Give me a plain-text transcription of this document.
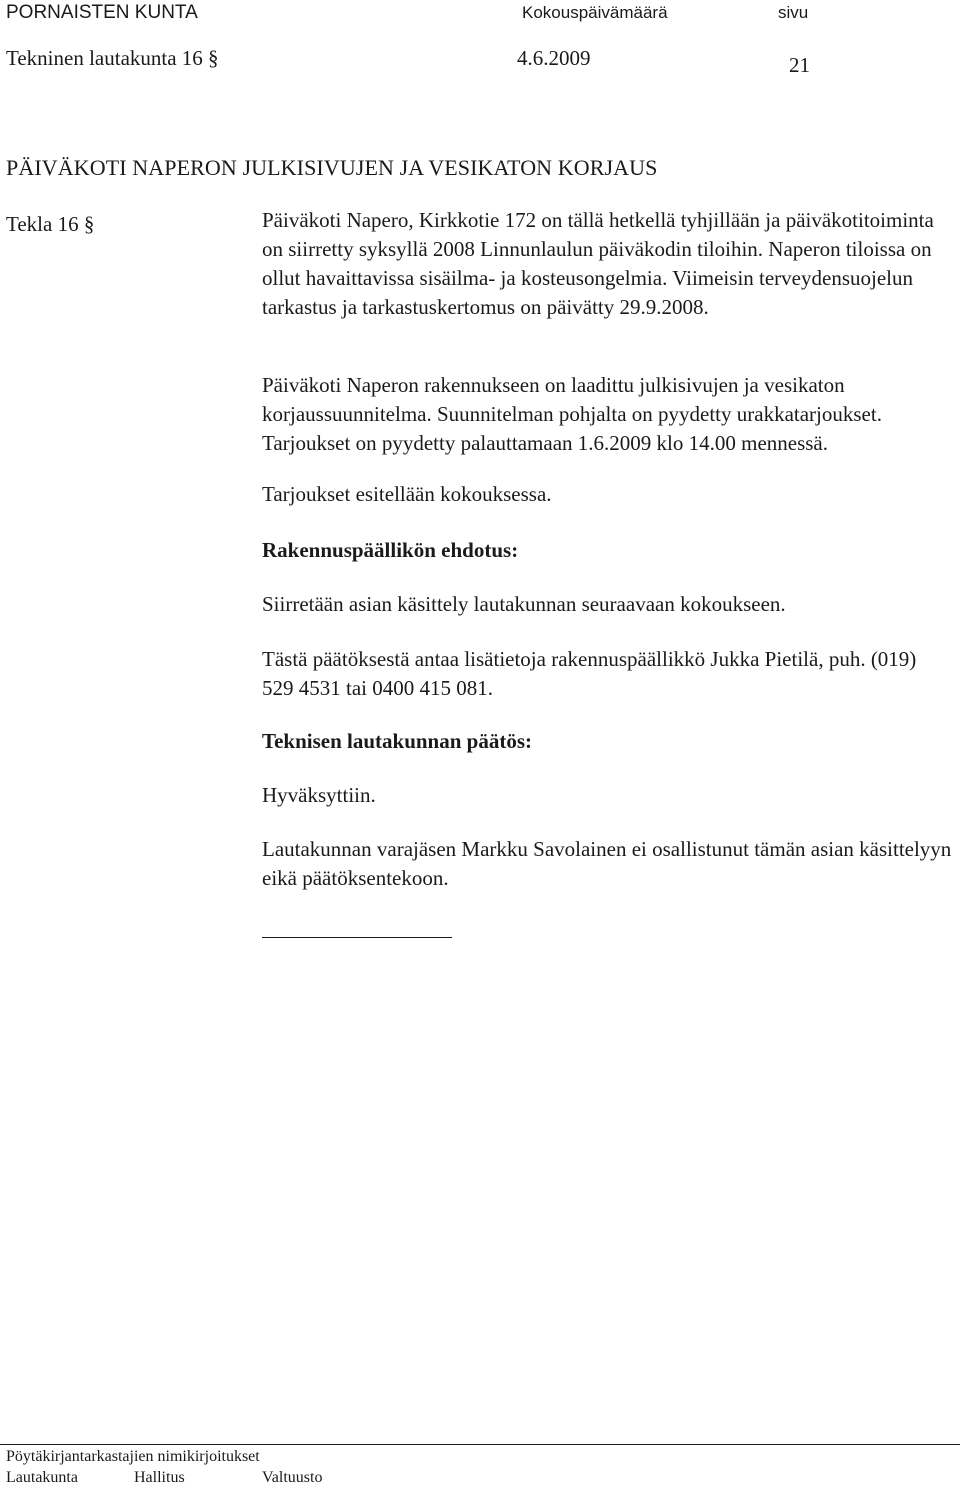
PORNAISTEN KUNTA	Kokouspäivämäärä	sivu
Tekninen lautakunta 16 §	4.6.2009	21
PÄIVÄKOTI NAPERON JULKISIVUJEN JA VESIKATON KORJAUS
Tekla 16 §	Päiväkoti Napero, Kirkkotie 172 on tällä hetkellä tyhjillään ja päiväkotitoiminta on siirretty syksyllä 2008 Linnunlaulun päiväkodin tiloihin. Naperon tiloissa on ollut havaittavissa sisäilma- ja kosteusongelmia. Viimeisin terveydensuojelun tarkastus ja tarkastuskertomus on päivätty 29.9.2008.

Päiväkoti Naperon rakennukseen on laadittu julkisivujen ja vesikaton korjaussuunnitelma. Suunnitelman pohjalta on pyydetty urakkatarjoukset. Tarjoukset on pyydetty palauttamaan 1.6.2009 klo 14.00 mennessä.

Tarjoukset esitellään kokouksessa.

Rakennuspäällikön ehdotus:

Siirretään asian käsittely lautakunnan seuraavaan kokoukseen.

Tästä päätöksestä antaa lisätietoja rakennuspäällikkö Jukka Pietilä, puh. (019) 529 4531 tai 0400 415 081.

Teknisen lautakunnan päätös:

Hyväksyttiin.

Lautakunnan varajäsen Markku Savolainen ei osallistunut tämän asian käsittelyyn eikä päätöksentekoon.

Pöytäkirjantarkastajien nimikirjoitukset
Lautakunta	Hallitus	Valtuusto
